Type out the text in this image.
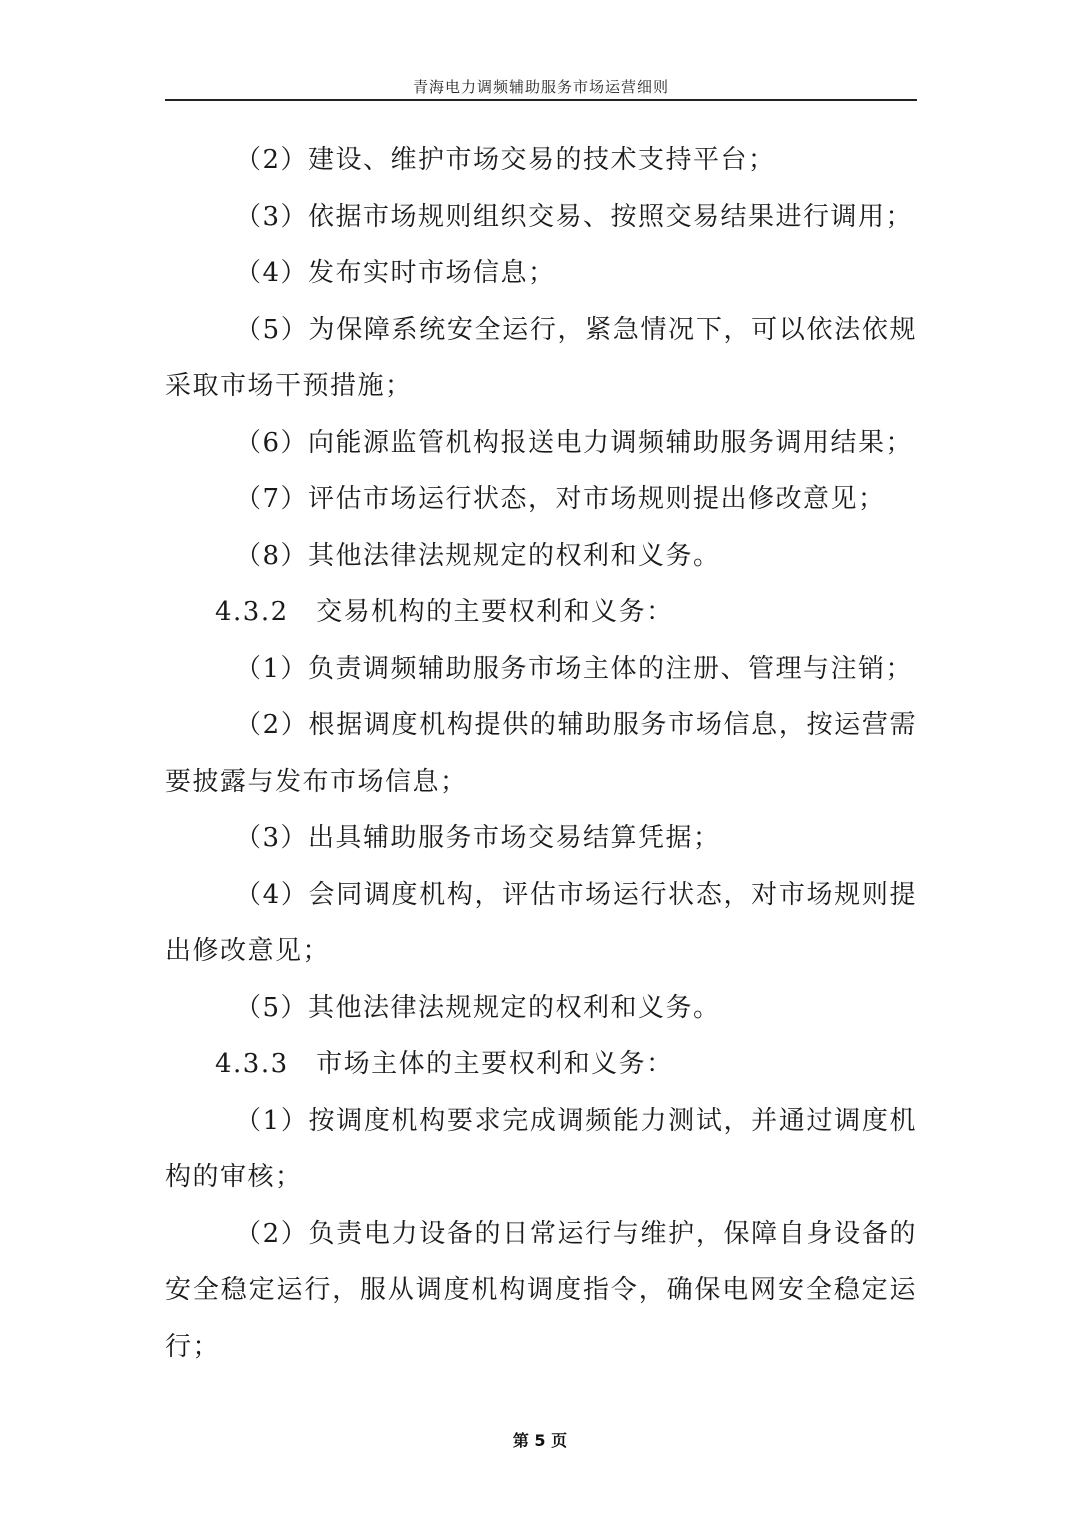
青海电力调频辅助服务市场运营细则

（2）建设、维护市场交易的技术支持平台；

（3）依据市场规则组织交易、按照交易结果进行调用；

（4）发布实时市场信息；

（5）为保障系统安全运行，紧急情况下，可以依法依规采取市场干预措施；

（6）向能源监管机构报送电力调频辅助服务调用结果；

（7）评估市场运行状态，对市场规则提出修改意见；

（8）其他法律法规规定的权利和义务。

4.3.2　交易机构的主要权利和义务：

（1）负责调频辅助服务市场主体的注册、管理与注销；

（2）根据调度机构提供的辅助服务市场信息，按运营需要披露与发布市场信息；

（3）出具辅助服务市场交易结算凭据；

（4）会同调度机构，评估市场运行状态，对市场规则提出修改意见；

（5）其他法律法规规定的权利和义务。

4.3.3　市场主体的主要权利和义务：

（1）按调度机构要求完成调频能力测试，并通过调度机构的审核；

（2）负责电力设备的日常运行与维护，保障自身设备的安全稳定运行，服从调度机构调度指令，确保电网安全稳定运行；

第 5 页
